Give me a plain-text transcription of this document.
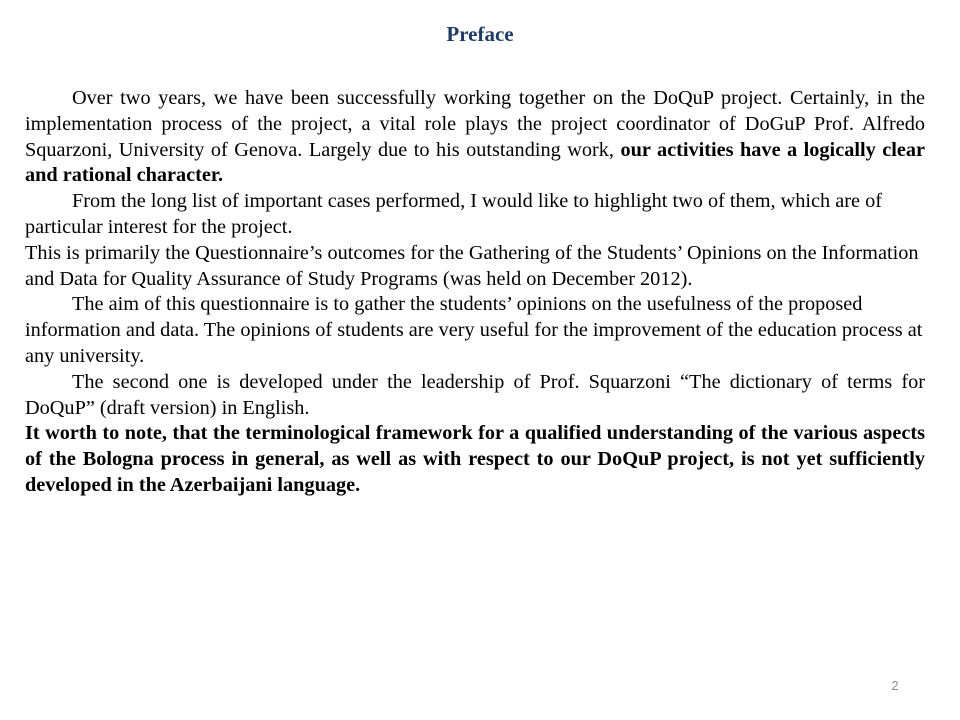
Preface

Over two years, we have been successfully working together on the DoQuP project. Certainly, in the implementation process of the project, a vital role plays the project coordinator of DoGuP Prof. Alfredo Squarzoni, University of Genova. Largely due to his outstanding work, our activities have a logically clear and rational character.

From the long list of important cases performed, I would like to highlight two of them, which are of particular interest for the project.

This is primarily the Questionnaire’s outcomes for the Gathering of the Students’ Opinions on the Information and Data for Quality Assurance of Study Programs (was held on December 2012).

The aim of this questionnaire is to gather the students’ opinions on the usefulness of the proposed information and data. The opinions of students are very useful for the improvement of the education process at any university.

The second one is developed under the leadership of Prof. Squarzoni “The dictionary of terms for DoQuP” (draft version) in English.

It worth to note, that the terminological framework for a qualified understanding of the various aspects of the Bologna process in general, as well as with respect to our DoQuP project, is not yet sufficiently developed in the Azerbaijani language.

2
